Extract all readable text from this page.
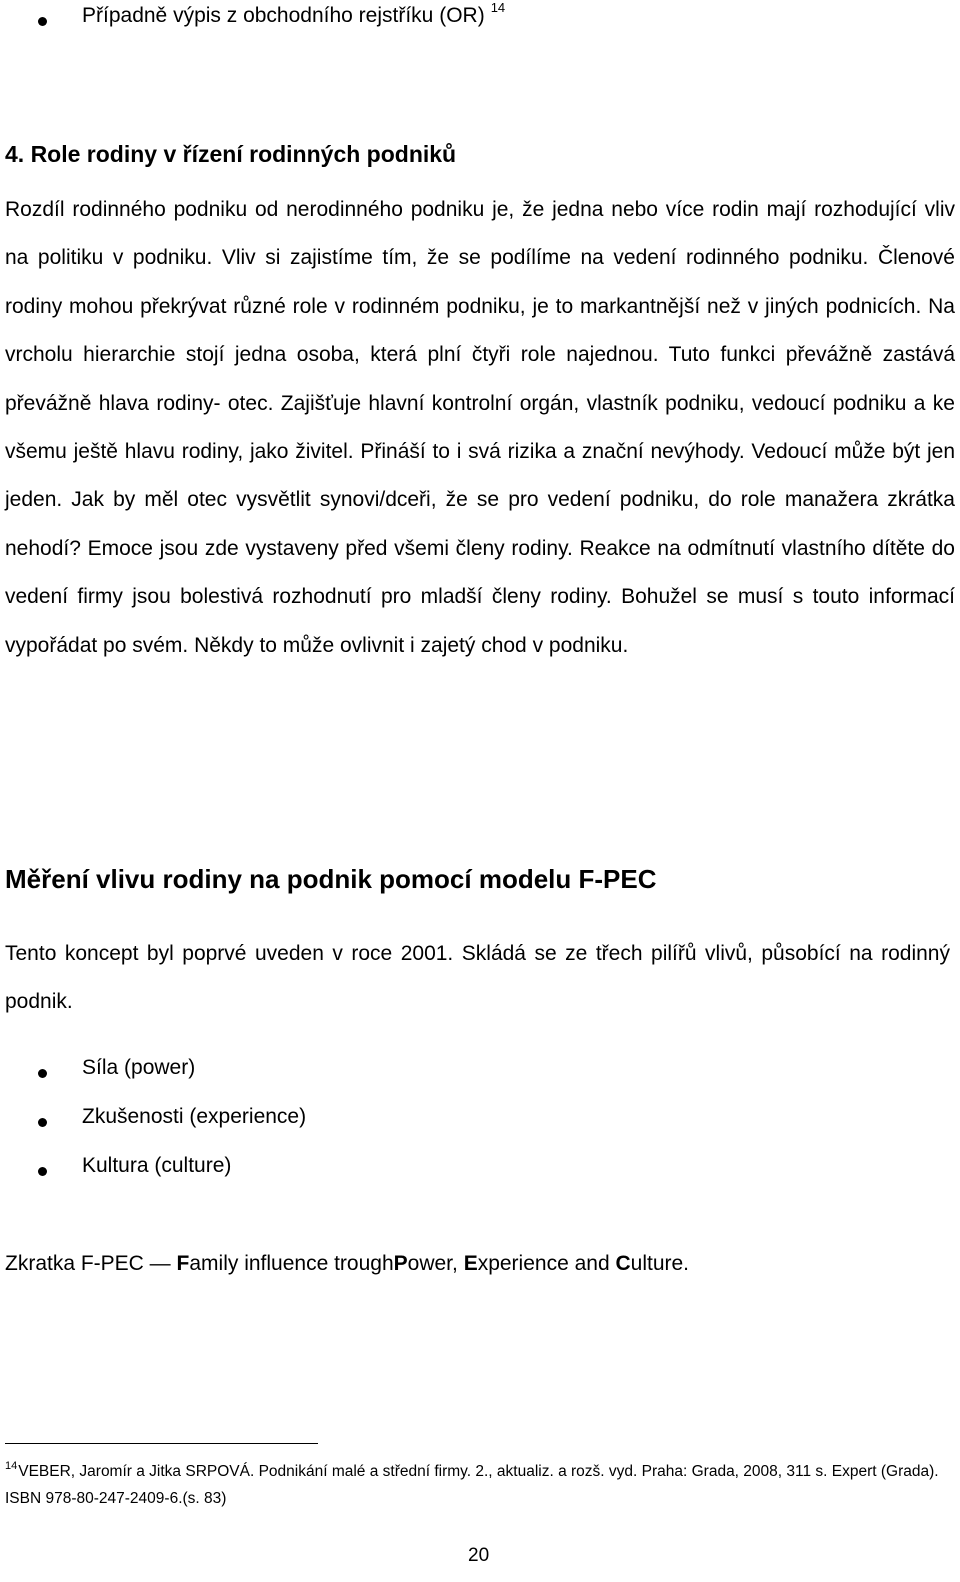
Případně výpis z obchodního rejstříku (OR) $^{14}$
4. Role rodiny v řízení rodinných podniků
Rozdíl rodinného podniku od nerodinného podniku je, že jedna nebo více rodin mají rozhodující vliv na politiku v podniku. Vliv si zajistíme tím, že se podílíme na vedení rodinného podniku. Členové rodiny mohou překrývat různé role v rodinném podniku, je to markantnější než v jiných podnicích. Na vrcholu hierarchie stojí jedna osoba, která plní čtyři role najednou. Tuto funkci převážně zastává převážně hlava rodiny- otec. Zajišťuje hlavní kontrolní orgán, vlastník podniku, vedoucí podniku a ke všemu ještě hlavu rodiny, jako živitel. Přináší to i svá rizika a znační nevýhody. Vedoucí může být jen jeden. Jak by měl otec vysvětlit synovi/dceři, že se pro vedení podniku, do role manažera zkrátka nehodí? Emoce jsou zde vystaveny před všemi členy rodiny. Reakce na odmítnutí vlastního dítěte do vedení firmy jsou bolestivá rozhodnutí pro mladší členy rodiny. Bohužel se musí s touto informací vypořádat po svém. Někdy to může ovlivnit i zajetý chod v podniku.
Měření vlivu rodiny na podnik pomocí modelu F-PEC
Tento koncept byl poprvé uveden v roce 2001. Skládá se ze třech pilířů vlivů, působící na rodinný podnik.
Síla (power)
Zkušenosti (experience)
Kultura (culture)
Zkratka F-PEC — Family influence troughPower, Experience and Culture.
$^{14}$VEBER, Jaromír a Jitka SRPOVÁ. Podnikání malé a střední firmy. 2., aktualiz. a rozš. vyd. Praha: Grada, 2008, 311 s. Expert (Grada). ISBN 978-80-247-2409-6.(s. 83)
20
